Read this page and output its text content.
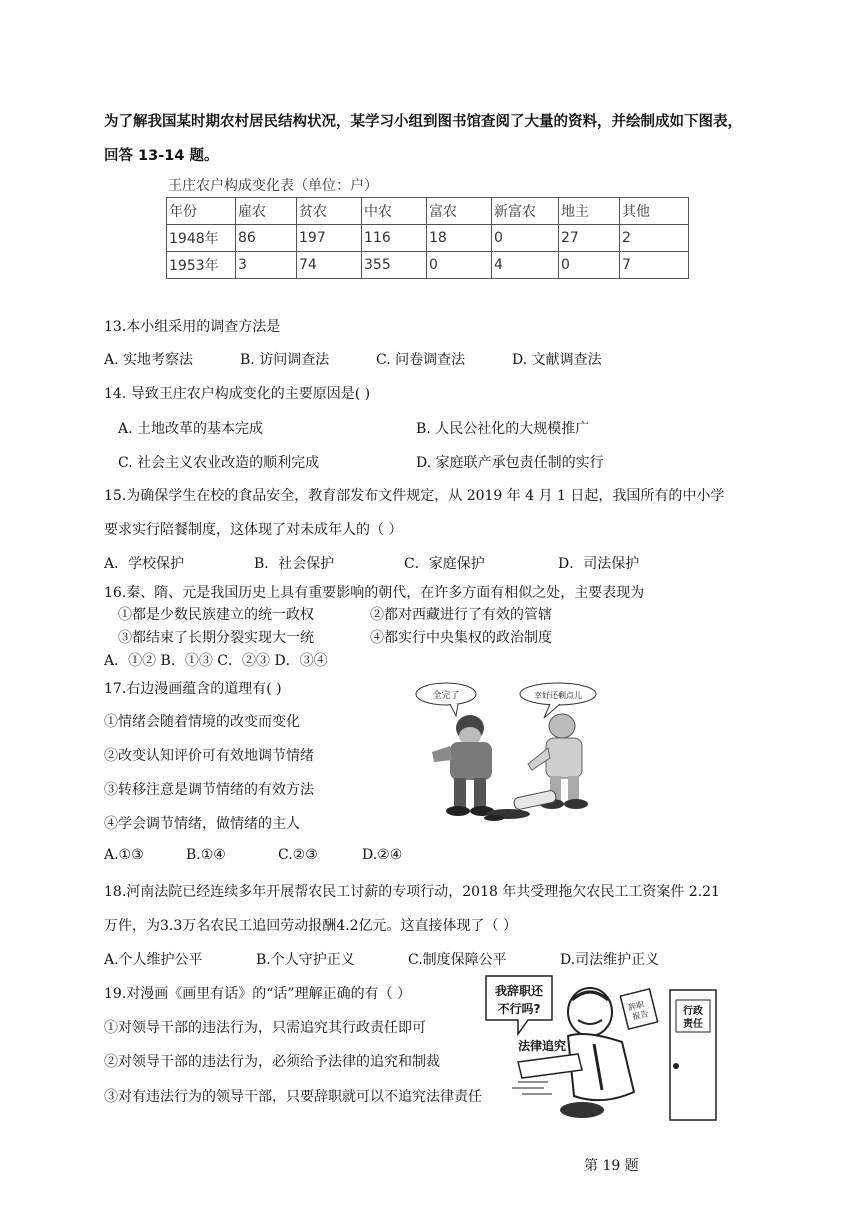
为了解我国某时期农村居民结构状况，某学习小组到图书馆查阅了大量的资料，并绘制成如下图表，
回答 13-14 题。
王庄农户构成变化表（单位：户）
年份	雇农	贫农	中农	富农	新富农	地主	其他
1948年	86	197	116	18	0	27	2
1953年	3	74	355	0	4	0	7
13.本小组采用的调查方法是
A. 实地考察法	B. 访问调查法	C. 问卷调查法	D. 文献调查法
14. 导致王庄农户构成变化的主要原因是( )
A. 土地改革的基本完成	B. 人民公社化的大规模推广
C. 社会主义农业改造的顺利完成	D. 家庭联产承包责任制的实行
15.为确保学生在校的食品安全，教育部发布文件规定，从 2019 年 4 月 1 日起，我国所有的中小学
要求实行陪餐制度，这体现了对未成年人的（ ）
A．学校保护	B．社会保护	C．家庭保护	D．司法保护
16.秦、隋、元是我国历史上具有重要影响的朝代，在许多方面有相似之处，主要表现为
①都是少数民族建立的统一政权	②都对西藏进行了有效的管辖
③都结束了长期分裂实现大一统	④都实行中央集权的政治制度
A．①② B．①③ C．②③ D．③④
17.右边漫画蕴含的道理有( )
①情绪会随着情境的改变而变化
②改变认知评价可有效地调节情绪
③转移注意是调节情绪的有效方法
④学会调节情绪，做情绪的主人
A.①③	B.①④	C.②③	D.②④
全完了	幸好还剩点儿
18.河南法院已经连续多年开展帮农民工讨薪的专项行动，2018 年共受理拖欠农民工工资案件 2.21
万件，为3.3万名农民工追回劳动报酬4.2亿元。这直接体现了（ ）
A.个人维护公平	B.个人守护正义	C.制度保障公平	D.司法维护正义
19.对漫画《画里有话》的“话”理解正确的有（ ）
①对领导干部的违法行为，只需追究其行政责任即可
②对领导干部的违法行为，必须给予法律的追究和制裁
③对有违法行为的领导干部，只要辞职就可以不追究法律责任
我辞职还
不行吗?	行政
责任
辞职
报告
法律追究
第 19 题
